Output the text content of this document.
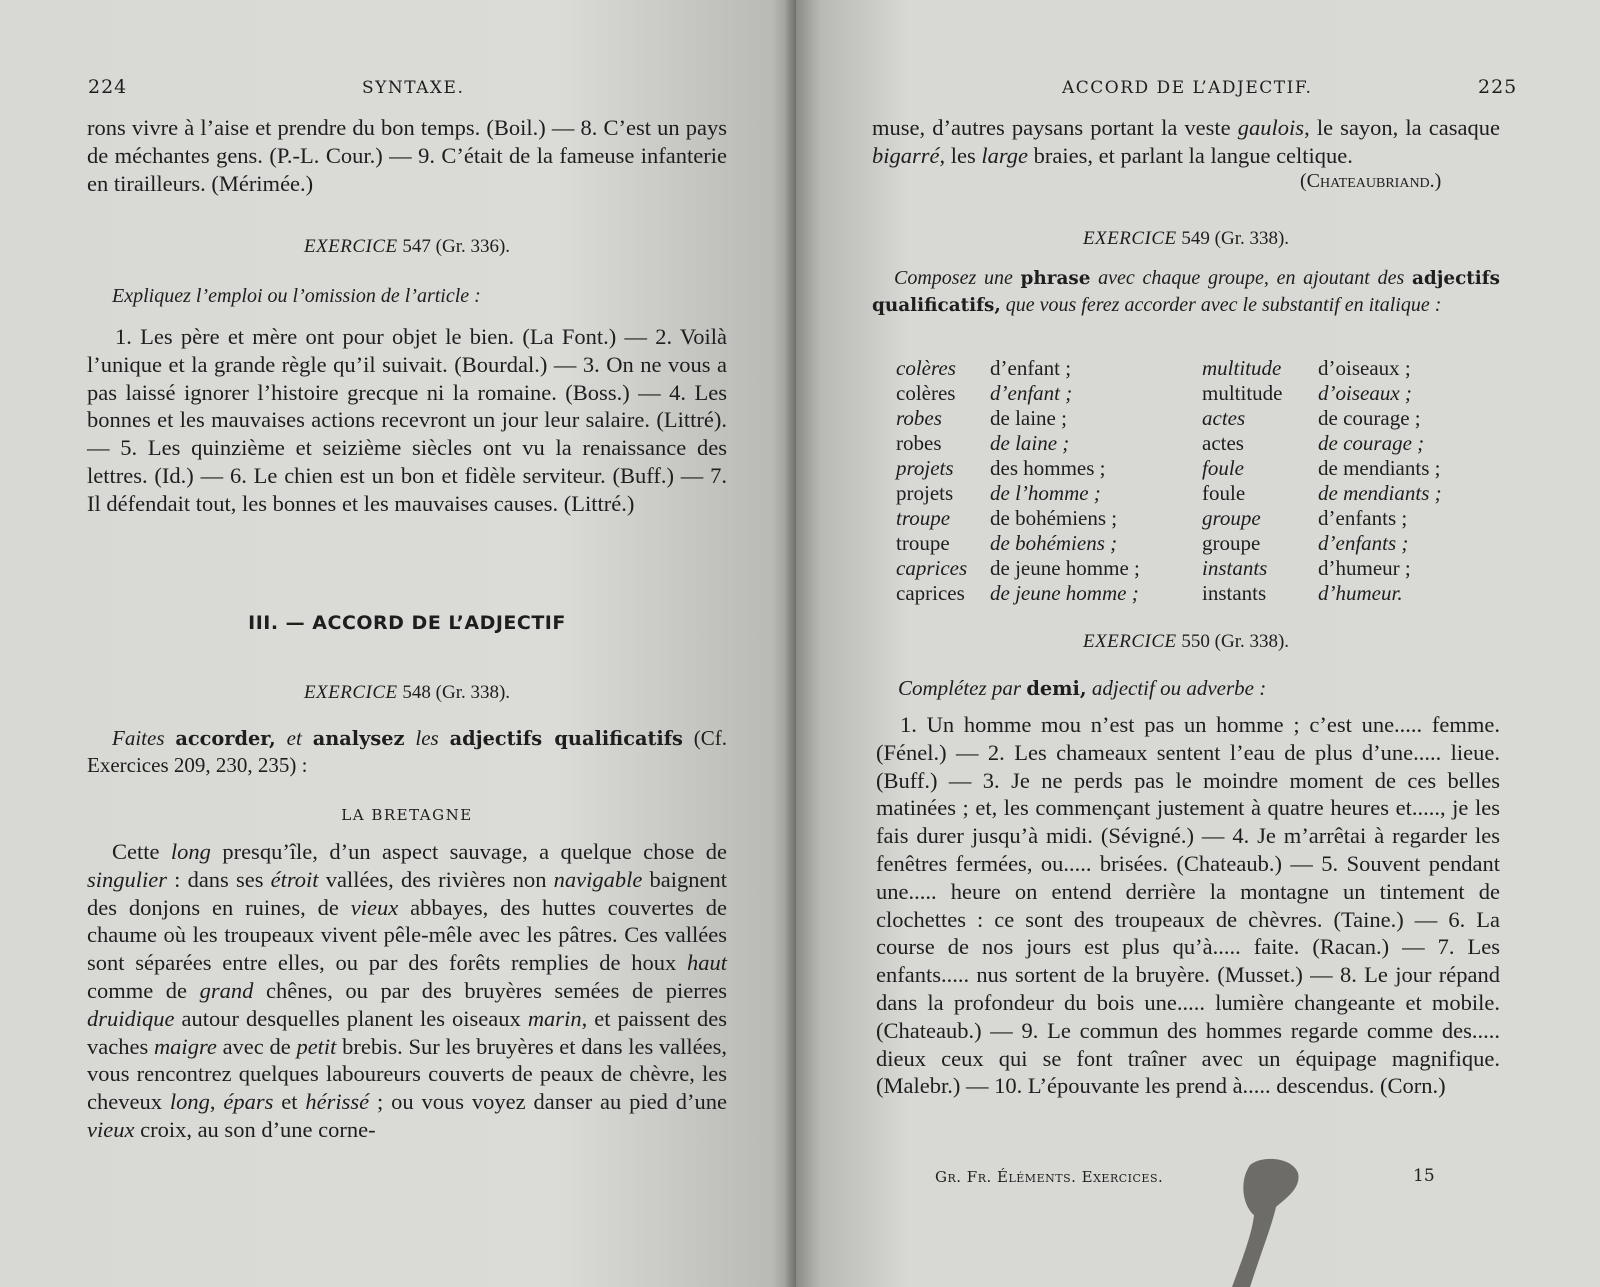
224	SYNTAXE.
rons vivre à l’aise et prendre du bon temps. (Boil.) — 8. C’est un pays de méchantes gens. (P.-L. Cour.) — 9. C’était de la fameuse infanterie en tirailleurs. (Mérimée.)
EXERCICE 547 (Gr. 336).
Expliquez l’emploi ou l’omission de l’article :
1. Les père et mère ont pour objet le bien. (La Font.) — 2. Voilà l’unique et la grande règle qu’il suivait. (Bourdal.) — 3. On ne vous a pas laissé ignorer l’histoire grecque ni la romaine. (Boss.) — 4. Les bonnes et les mauvaises actions recevront un jour leur salaire. (Littré). — 5. Les quinzième et seizième siècles ont vu la renaissance des lettres. (Id.) — 6. Le chien est un bon et fidèle serviteur. (Buff.) — 7. Il défendait tout, les bonnes et les mauvaises causes. (Littré.)
III. — ACCORD DE L’ADJECTIF
EXERCICE 548 (Gr. 338).
Faites accorder, et analysez les adjectifs qualificatifs (Cf. Exercices 209, 230, 235) :
LA BRETAGNE
Cette long presqu’île, d’un aspect sauvage, a quelque chose de singulier : dans ses étroit vallées, des rivières non navigable baignent des donjons en ruines, de vieux abbayes, des huttes couvertes de chaume où les troupeaux vivent pêle-mêle avec les pâtres. Ces vallées sont séparées entre elles, ou par des forêts remplies de houx haut comme de grand chênes, ou par des bruyères semées de pierres druidique autour desquelles planent les oiseaux marin, et paissent des vaches maigre avec de petit brebis. Sur les bruyères et dans les vallées, vous rencontrez quelques laboureurs couverts de peaux de chèvre, les cheveux long, épars et hérissé ; ou vous voyez danser au pied d’une vieux croix, au son d’une corne-
ACCORD DE L’ADJECTIF.	225
muse, d’autres paysans portant la veste gaulois, le sayon, la casaque bigarré, les large braies, et parlant la langue celtique.
(Chateaubriand.)
EXERCICE 549 (Gr. 338).
Composez une phrase avec chaque groupe, en ajoutant des adjectifs qualificatifs, que vous ferez accorder avec le substantif en italique :
colères	d’enfant ;	multitude	d’oiseaux ;
colères	d’enfant ;	multitude	d’oiseaux ;
robes	de laine ;	actes	de courage ;
robes	de laine ;	actes	de courage ;
projets	des hommes ;	foule	de mendiants ;
projets	de l’homme ;	foule	de mendiants ;
troupe	de bohémiens ;	groupe	d’enfants ;
troupe	de bohémiens ;	groupe	d’enfants ;
caprices	de jeune homme ;	instants	d’humeur ;
caprices	de jeune homme ;	instants	d’humeur.
EXERCICE 550 (Gr. 338).
Complétez par demi, adjectif ou adverbe :
1. Un homme mou n’est pas un homme ; c’est une..... femme. (Fénel.) — 2. Les chameaux sentent l’eau de plus d’une..... lieue. (Buff.) — 3. Je ne perds pas le moindre moment de ces belles matinées ; et, les commençant justement à quatre heures et....., je les fais durer jusqu’à midi. (Sévigné.) — 4. Je m’arrêtai à regarder les fenêtres fermées, ou..... brisées. (Chateaub.) — 5. Souvent pendant une..... heure on entend derrière la montagne un tintement de clochettes : ce sont des troupeaux de chèvres. (Taine.) — 6. La course de nos jours est plus qu’à..... faite. (Racan.) — 7. Les enfants..... nus sortent de la bruyère. (Musset.) — 8. Le jour répand dans la profondeur du bois une..... lumière changeante et mobile. (Chateaub.) — 9. Le commun des hommes regarde comme des..... dieux ceux qui se font traîner avec un équipage magnifique. (Malebr.) — 10. L’épouvante les prend à..... descendus. (Corn.)
Gr. Fr. Éléments. Exercices.	15
